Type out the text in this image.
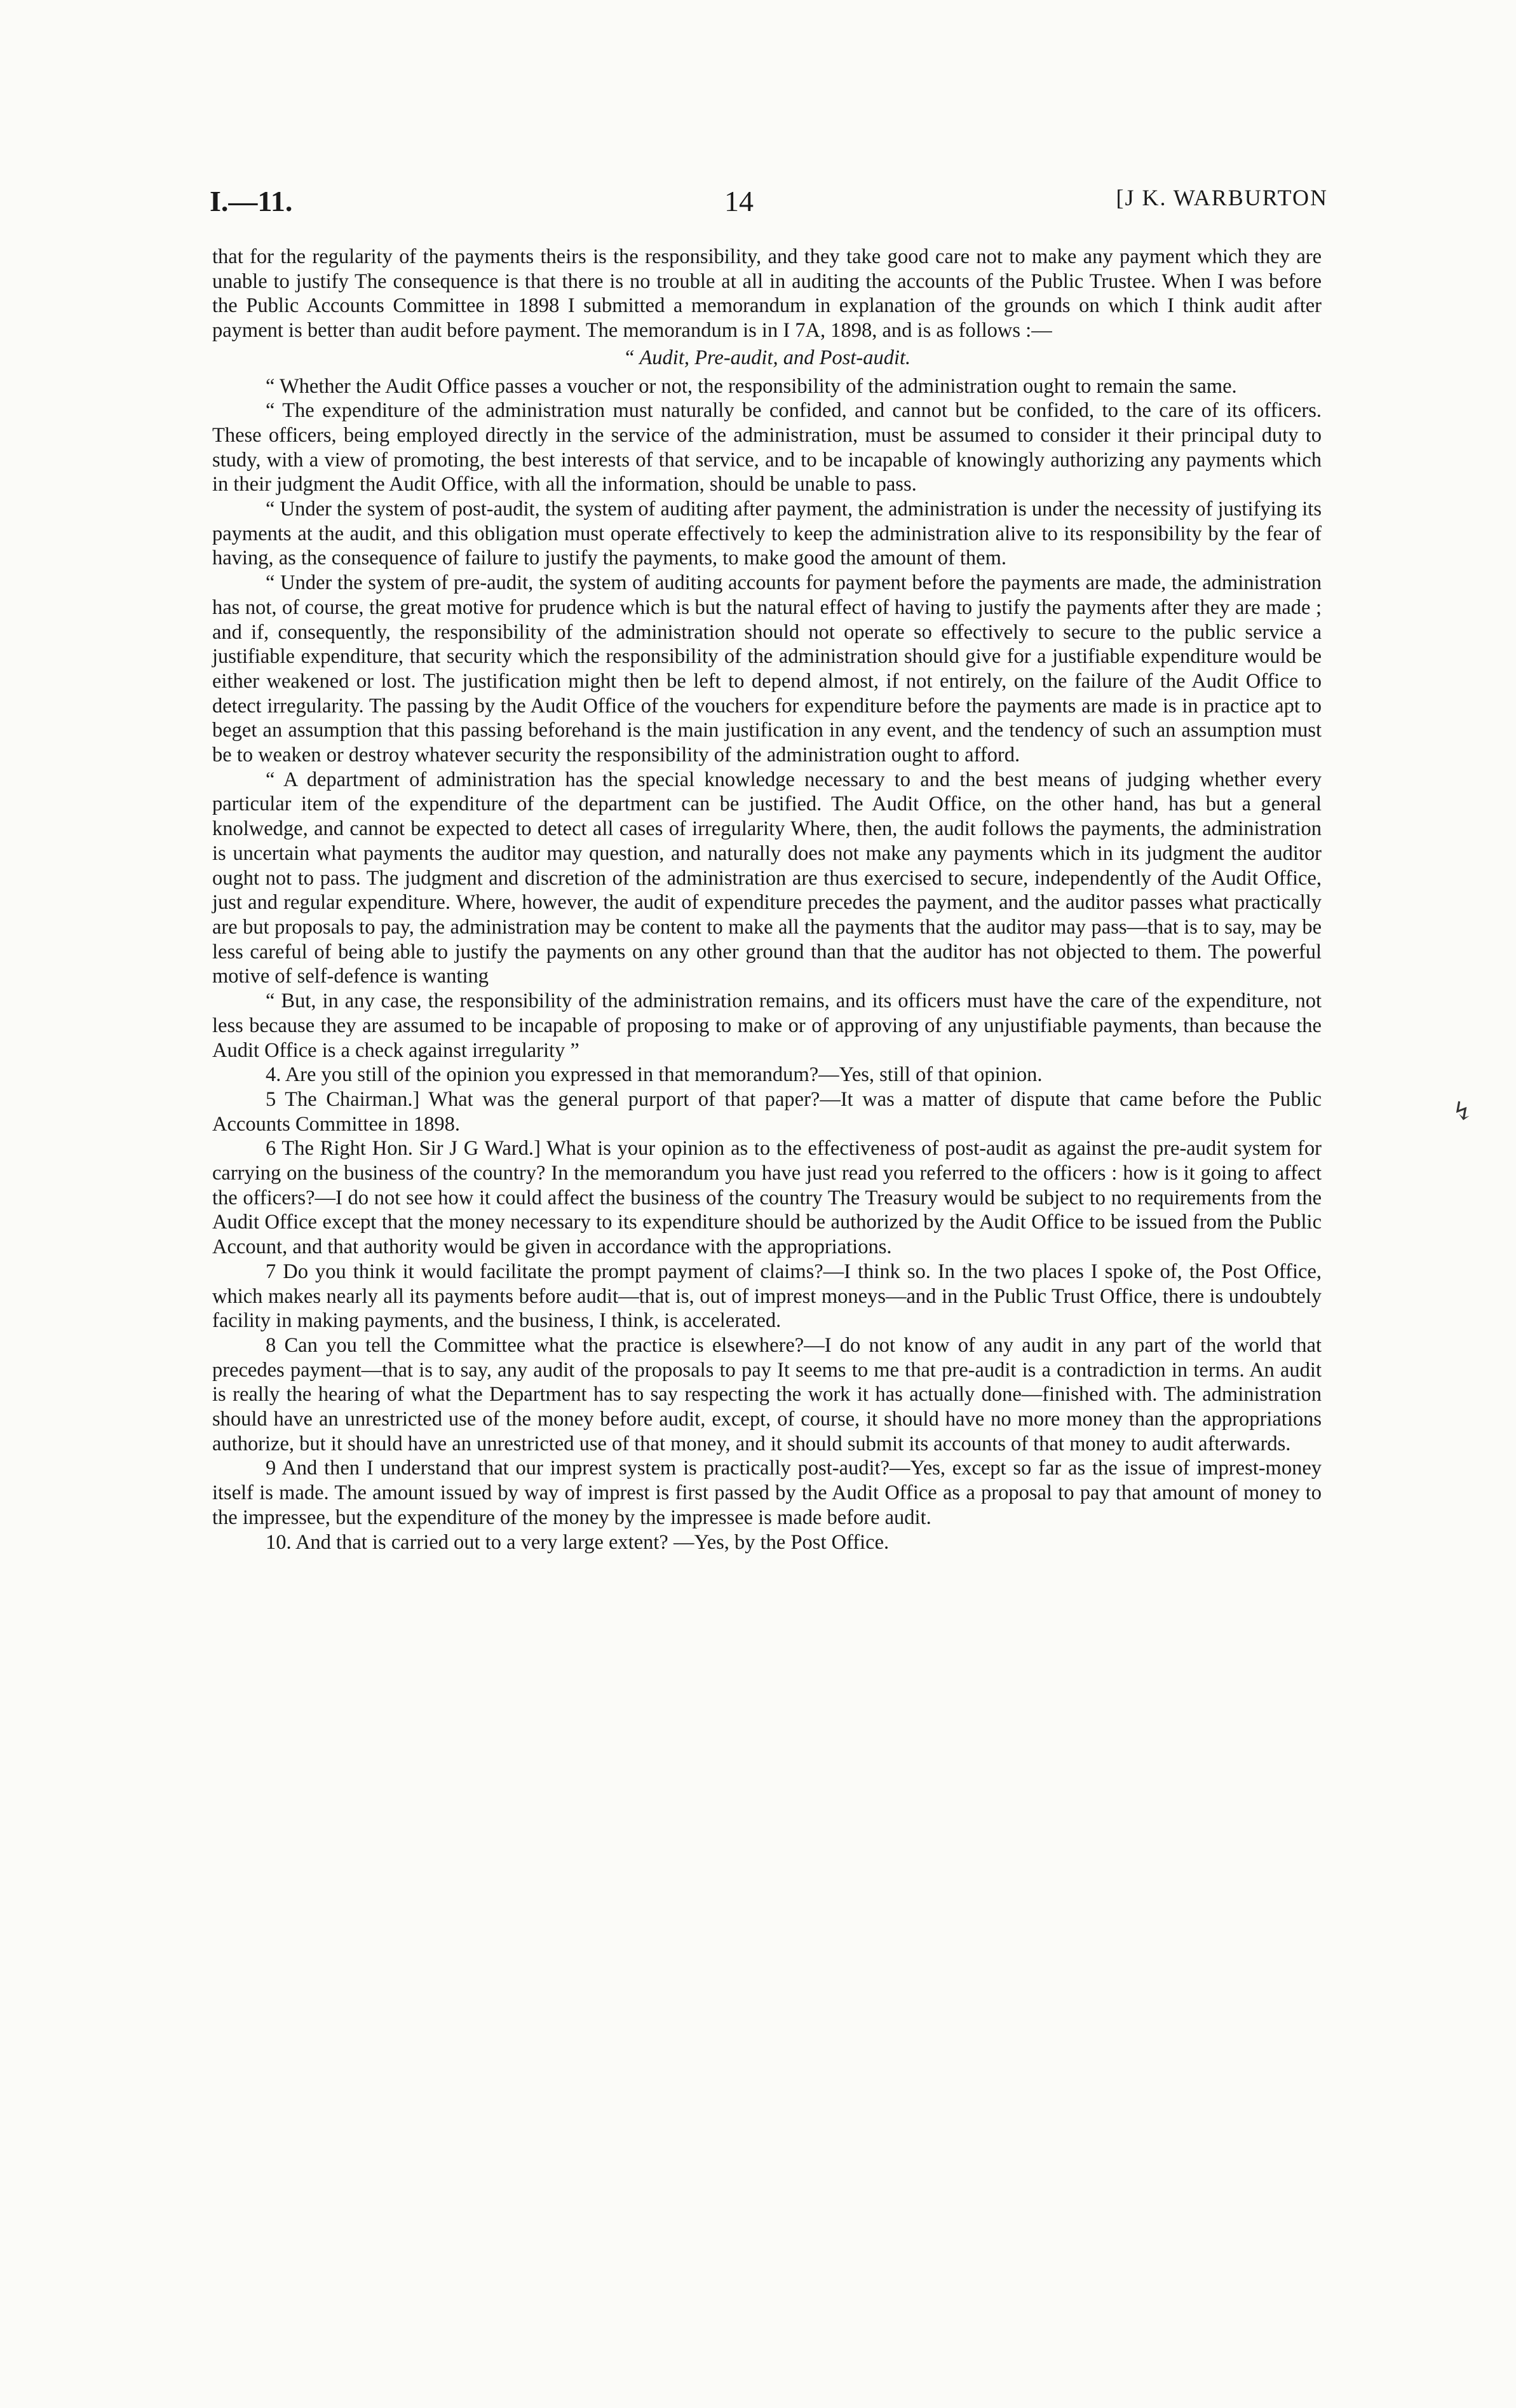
I.—11.	14	[J K. WARBURTON

that for the regularity of the payments theirs is the responsibility, and they take good care not to make any payment which they are unable to justify The consequence is that there is no trouble at all in auditing the accounts of the Public Trustee. When I was before the Public Accounts Committee in 1898 I submitted a memorandum in explanation of the grounds on which I think audit after payment is better than audit before payment. The memorandum is in I 7A, 1898, and is as follows :—

“ Audit, Pre-audit, and Post-audit.

“ Whether the Audit Office passes a voucher or not, the responsibility of the administration ought to remain the same.

“ The expenditure of the administration must naturally be confided, and cannot but be confided, to the care of its officers. These officers, being employed directly in the service of the administration, must be assumed to consider it their principal duty to study, with a view of promoting, the best interests of that service, and to be incapable of knowingly authorizing any payments which in their judgment the Audit Office, with all the information, should be unable to pass.

“ Under the system of post-audit, the system of auditing after payment, the administration is under the necessity of justifying its payments at the audit, and this obligation must operate effectively to keep the administration alive to its responsibility by the fear of having, as the consequence of failure to justify the payments, to make good the amount of them.

“ Under the system of pre-audit, the system of auditing accounts for payment before the payments are made, the administration has not, of course, the great motive for prudence which is but the natural effect of having to justify the payments after they are made ; and if, consequently, the responsibility of the administration should not operate so effectively to secure to the public service a justifiable expenditure, that security which the responsibility of the administration should give for a justifiable expenditure would be either weakened or lost. The justification might then be left to depend almost, if not entirely, on the failure of the Audit Office to detect irregularity. The passing by the Audit Office of the vouchers for expenditure before the payments are made is in practice apt to beget an assumption that this passing beforehand is the main justification in any event, and the tendency of such an assumption must be to weaken or destroy whatever security the responsibility of the administration ought to afford.

“ A department of administration has the special knowledge necessary to and the best means of judging whether every particular item of the expenditure of the department can be justified. The Audit Office, on the other hand, has but a general knolwedge, and cannot be expected to detect all cases of irregularity Where, then, the audit follows the payments, the administration is uncertain what payments the auditor may question, and naturally does not make any payments which in its judgment the auditor ought not to pass. The judgment and discretion of the administration are thus exercised to secure, independently of the Audit Office, just and regular expenditure. Where, however, the audit of expenditure precedes the payment, and the auditor passes what practically are but proposals to pay, the administration may be content to make all the payments that the auditor may pass—that is to say, may be less careful of being able to justify the payments on any other ground than that the auditor has not objected to them. The powerful motive of self-defence is wanting

“ But, in any case, the responsibility of the administration remains, and its officers must have the care of the expenditure, not less because they are assumed to be incapable of proposing to make or of approving of any unjustifiable payments, than because the Audit Office is a check against irregularity ”

4. Are you still of the opinion you expressed in that memorandum?—Yes, still of that opinion.

5 The Chairman.] What was the general purport of that paper?—It was a matter of dispute that came before the Public Accounts Committee in 1898.

6 The Right Hon. Sir J G Ward.] What is your opinion as to the effectiveness of post-audit as against the pre-audit system for carrying on the business of the country? In the memorandum you have just read you referred to the officers : how is it going to affect the officers?—I do not see how it could affect the business of the country The Treasury would be subject to no requirements from the Audit Office except that the money necessary to its expenditure should be authorized by the Audit Office to be issued from the Public Account, and that authority would be given in accordance with the appropriations.

7 Do you think it would facilitate the prompt payment of claims?—I think so. In the two places I spoke of, the Post Office, which makes nearly all its payments before audit—that is, out of imprest moneys—and in the Public Trust Office, there is undoubtely facility in making payments, and the business, I think, is accelerated.

8 Can you tell the Committee what the practice is elsewhere?—I do not know of any audit in any part of the world that precedes payment—that is to say, any audit of the proposals to pay It seems to me that pre-audit is a contradiction in terms. An audit is really the hearing of what the Department has to say respecting the work it has actually done—finished with. The administration should have an unrestricted use of the money before audit, except, of course, it should have no more money than the appropriations authorize, but it should have an unrestricted use of that money, and it should submit its accounts of that money to audit afterwards.

9 And then I understand that our imprest system is practically post-audit?—Yes, except so far as the issue of imprest-money itself is made. The amount issued by way of imprest is first passed by the Audit Office as a proposal to pay that amount of money to the impressee, but the expenditure of the money by the impressee is made before audit.

10. And that is carried out to a very large extent? —Yes, by the Post Office.

↯
